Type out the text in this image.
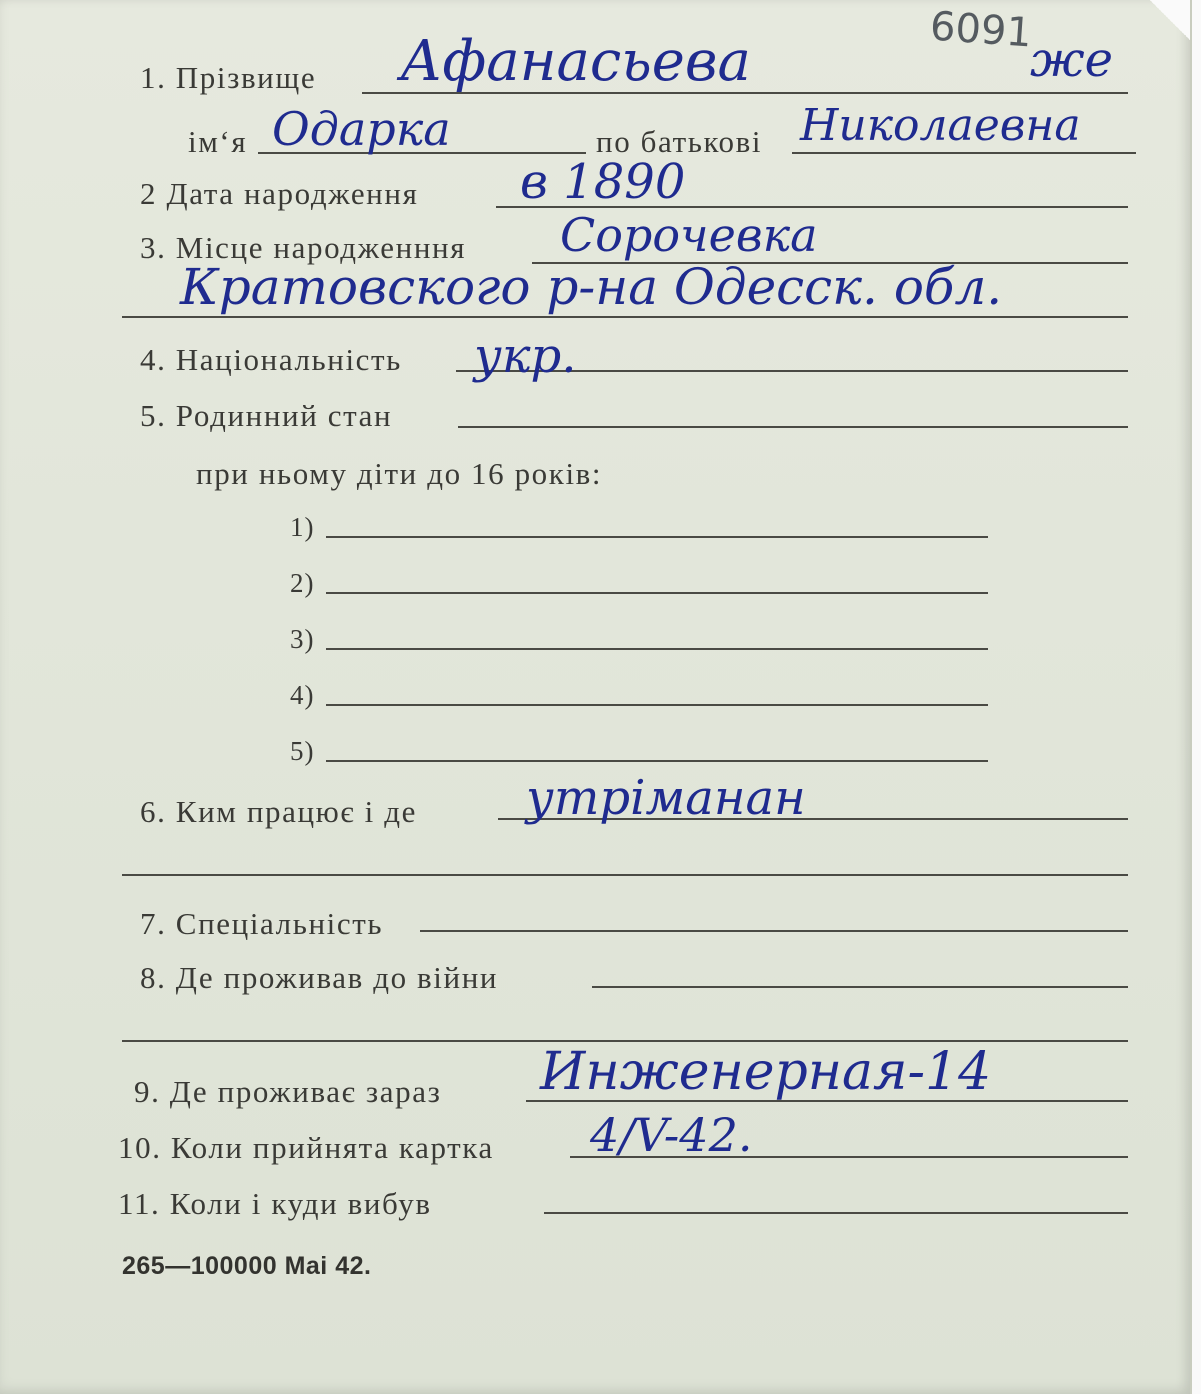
6091
1. Прізвище Афанасьева	же
ім‘я Одарка	по батькові Николаевна
2 Дата народження в 1890
3. Місце народженння Сорочевка
Кратовского р-на Одесск. обл.
4. Національність укр.
5. Родинний стан
при ньому діти до 16 років:
1)
2)
3)
4)
5)
6. Ким працює і де утріманан
7. Спеціальність
8. Де проживав до війни
9. Де проживає зараз Инженерная-14
10. Коли прийнята картка 4/V-42.
11. Коли і куди вибув
265—100000 Mai 42.
